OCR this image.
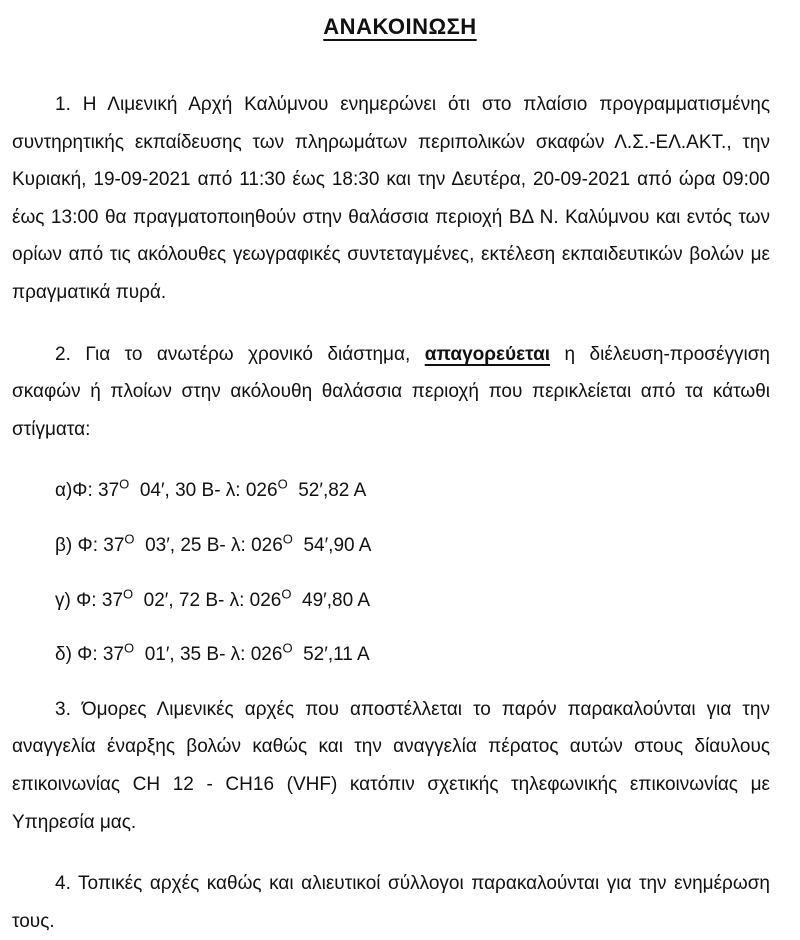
ΑΝΑΚΟΙΝΩΣΗ

1. Η Λιμενική Αρχή Καλύμνου ενημερώνει ότι στο πλαίσιο προγραμματισμένης συντηρητικής εκπαίδευσης των πληρωμάτων περιπολικών σκαφών Λ.Σ.-ΕΛ.ΑΚΤ., την Κυριακή, 19-09-2021 από 11:30 έως 18:30 και την Δευτέρα, 20-09-2021 από ώρα 09:00 έως 13:00 θα πραγματοποιηθούν στην θαλάσσια περιοχή ΒΔ Ν. Καλύμνου και εντός των ορίων από τις ακόλουθες γεωγραφικές συντεταγμένες, εκτέλεση εκπαιδευτικών βολών με πραγματικά πυρά.

2. Για το ανωτέρω χρονικό διάστημα, απαγορεύεται η διέλευση-προσέγγιση σκαφών ή πλοίων στην ακόλουθη θαλάσσια περιοχή που περικλείεται από τα κάτωθι στίγματα:

α)Φ: $37^O$  04′, 30 Β- λ: $026^O$  52′,82 Α

β) Φ: $37^O$  03′, 25 Β- λ: $026^O$  54′,90 Α

γ) Φ: $37^O$  02′, 72 Β- λ: $026^O$  49′,80 Α

δ) Φ: $37^O$  01′, 35 Β- λ: $026^O$  52′,11 Α

3. Όμορες Λιμενικές αρχές που αποστέλλεται το παρόν παρακαλούνται για την αναγγελία έναρξης βολών καθώς και την αναγγελία πέρατος αυτών στους δίαυλους επικοινωνίας CH 12 - CH16 (VHF) κατόπιν σχετικής τηλεφωνικής επικοινωνίας με Υπηρεσία μας.

4. Τοπικές αρχές καθώς και αλιευτικοί σύλλογοι παρακαλούνται για την ενημέρωση τους.
